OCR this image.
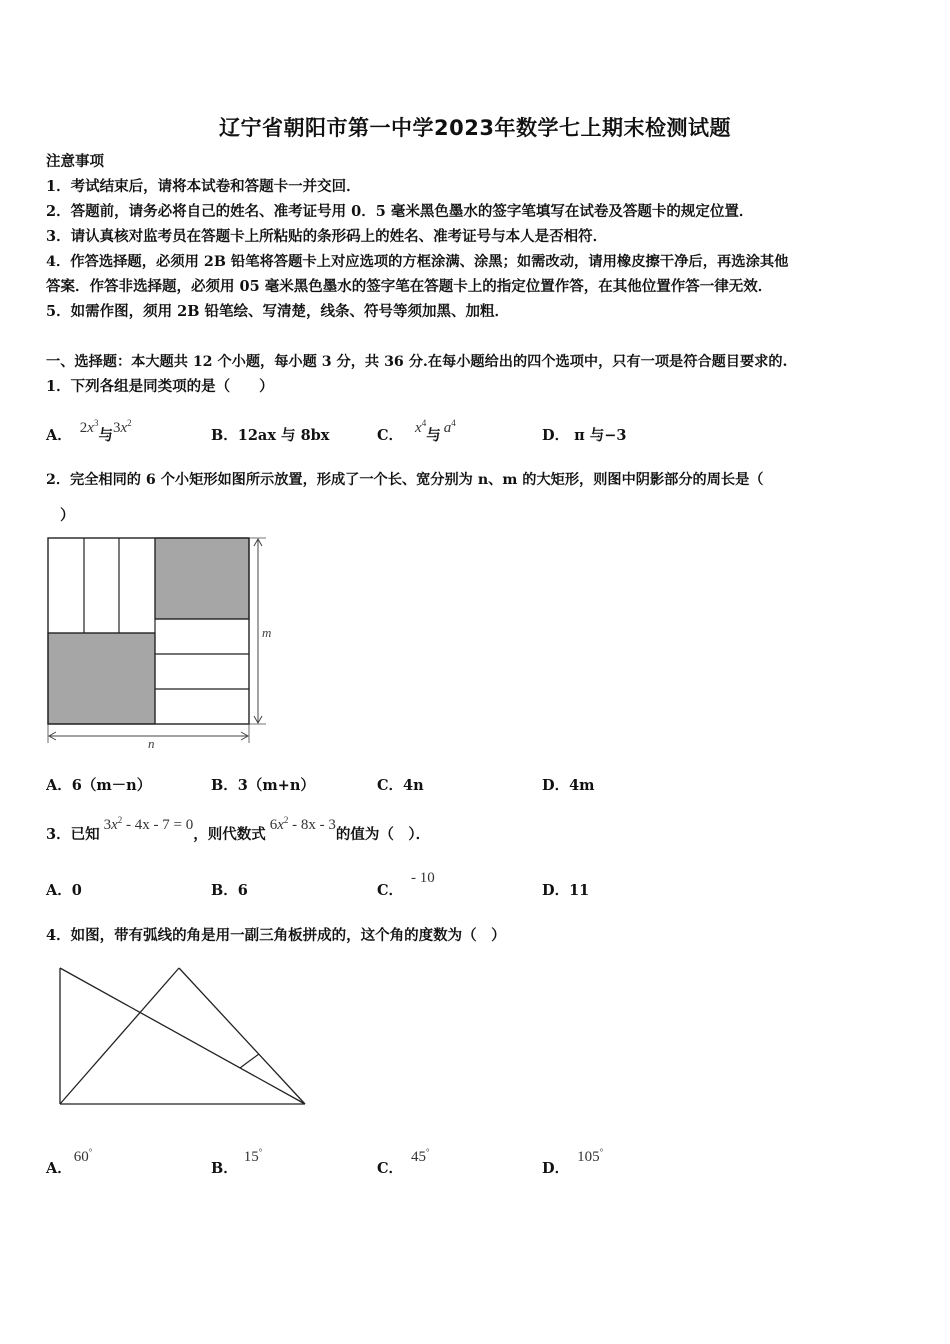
辽宁省朝阳市第一中学2023年数学七上期末检测试题
注意事项
1．考试结束后，请将本试卷和答题卡一并交回．
2．答题前，请务必将自己的姓名、准考证号用 0．5 毫米黑色墨水的签字笔填写在试卷及答题卡的规定位置．
3．请认真核对监考员在答题卡上所粘贴的条形码上的姓名、准考证号与本人是否相符．
4．作答选择题，必须用 2B 铅笔将答题卡上对应选项的方框涂满、涂黑；如需改动，请用橡皮擦干净后，再选涂其他
答案．作答非选择题，必须用 05 毫米黑色墨水的签字笔在答题卡上的指定位置作答，在其他位置作答一律无效．
5．如需作图，须用 2B 铅笔绘、写清楚，线条、符号等须加黑、加粗．
一、选择题：本大题共 12 个小题，每小题 3 分，共 36 分.在每小题给出的四个选项中，只有一项是符合题目要求的.
1．下列各组是同类项的是（　　）
A． $2x^3$与$3x^2$
B．12ax 与 8bx	C． $x^4$与 $a^4$
D． π 与−3
2．完全相同的 6 个小矩形如图所示放置，形成了一个长、宽分别为 n、m 的大矩形，则图中阴影部分的周长是（
）
m
n
A．6（m－n）	B．3（m+n）	C．4n	D．4m
3．已知$3x^2 - 4x - 7 = 0$，则代数式$6x^2 - 8x - 3$的值为（　）．
A．0	B．6	C．- 10
D．11
4．如图，带有弧线的角是用一副三角板拼成的，这个角的度数为（　）
A．60°
B．15°
C．45°
D．105°
